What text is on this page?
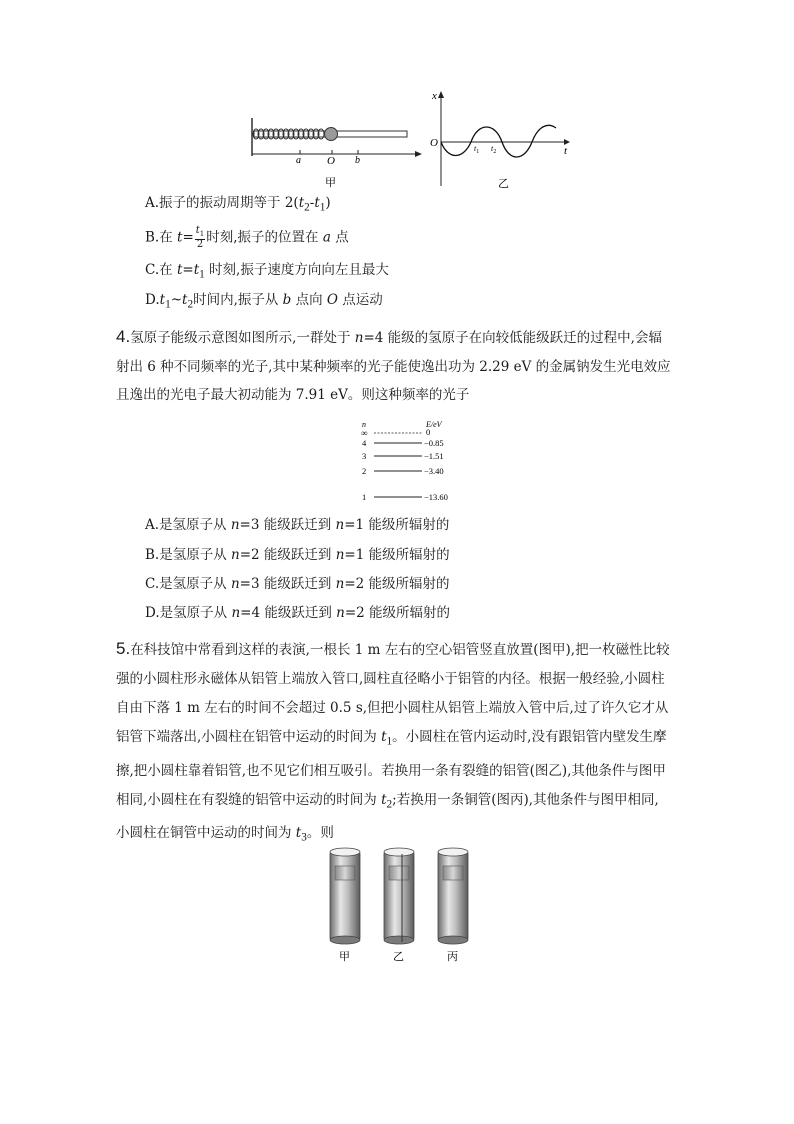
a O b
甲
x
t
O	$t_1$ $t_2$
乙
A.振子的振动周期等于 $2(t_2-t_1)$
B.在 $t= \frac{t_1}{2}$ 时刻,振子的位置在 a 点
C.在 $t=t_1$ 时刻,振子速度方向向左且最大
$D.t_1\sim t_2$时间内,振子从 b 点向 O 点运动
4.氢原子能级示意图如图所示,一群处于 n=4 能级的氢原子在向较低能级跃迁的过程中,会辐射出 6 种不同频率的光子,其中某种频率的光子能使逸出功为 2.29 eV 的金属钠发生光电效应且逸出的光电子最大初动能为 7.91 eV。则这种频率的光子
n	E/eV
∞	0
4	−0.85
3	−1.51
2	−3.40
1	−13.60
A.是氢原子从 n=3 能级跃迁到 n=1 能级所辐射的
B.是氢原子从 n=2 能级跃迁到 n=1 能级所辐射的
C.是氢原子从 n=3 能级跃迁到 n=2 能级所辐射的
D.是氢原子从 n=4 能级跃迁到 n=2 能级所辐射的
5.在科技馆中常看到这样的表演,一根长 1 m 左右的空心铝管竖直放置(图甲),把一枚磁性比较强的小圆柱形永磁体从铝管上端放入管口,圆柱直径略小于铝管的内径。根据一般经验,小圆柱自由下落 1 m 左右的时间不会超过 0.5 s,但把小圆柱从铝管上端放入管中后,过了许久它才从铝管下端落出,小圆柱在铝管中运动的时间为 $t_1$。小圆柱在管内运动时,没有跟铝管内壁发生摩擦,把小圆柱靠着铝管,也不见它们相互吸引。若换用一条有裂缝的铝管(图乙),其他条件与图甲相同,小圆柱在有裂缝的铝管中运动的时间为 $t_2$;若换用一条铜管(图丙),其他条件与图甲相同,小圆柱在铜管中运动的时间为 $t_3$。则
甲	乙	丙
